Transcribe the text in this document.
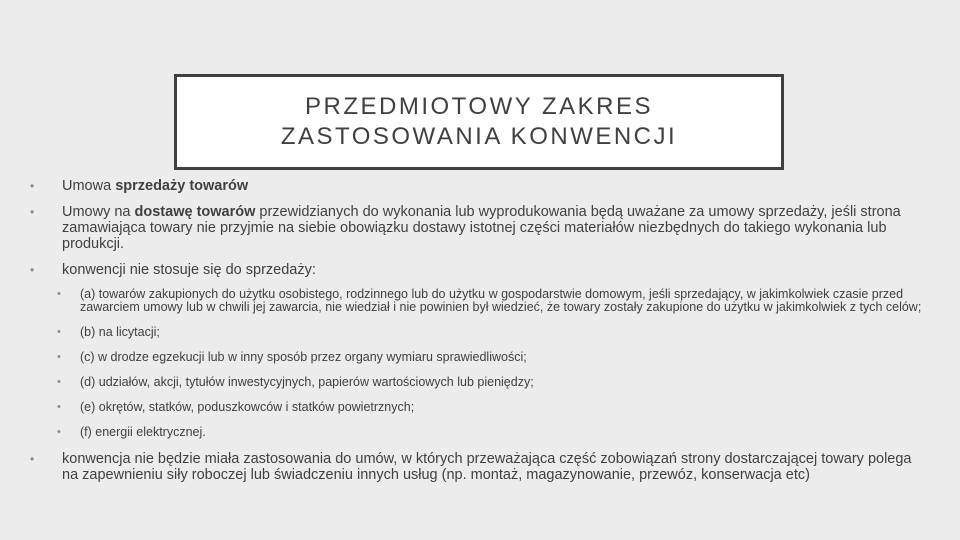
PRZEDMIOTOWY ZAKRES
ZASTOSOWANIA KONWENCJI
• Umowa sprzedaży towarów
• Umowy na dostawę towarów przewidzianych do wykonania lub wyprodukowania będą uważane za umowy sprzedaży, jeśli strona zamawiająca towary nie przyjmie na siebie obowiązku dostawy istotnej części materiałów niezbędnych do takiego wykonania lub produkcji.
• konwencji nie stosuje się do sprzedaży:
• (a) towarów zakupionych do użytku osobistego, rodzinnego lub do użytku w gospodarstwie domowym, jeśli sprzedający, w jakimkolwiek czasie przed zawarciem umowy lub w chwili jej zawarcia, nie wiedział i nie powinien był wiedzieć, że towary zostały zakupione do użytku w jakimkolwiek z tych celów;
• (b) na licytacji;
• (c) w drodze egzekucji lub w inny sposób przez organy wymiaru sprawiedliwości;
• (d) udziałów, akcji, tytułów inwestycyjnych, papierów wartościowych lub pieniędzy;
• (e) okrętów, statków, poduszkowców i statków powietrznych;
• (f) energii elektrycznej.
• konwencja nie będzie miała zastosowania do umów, w których przeważająca część zobowiązań strony dostarczającej towary polega na zapewnieniu siły roboczej lub świadczeniu innych usług (np. montaż, magazynowanie, przewóz, konserwacja etc)
